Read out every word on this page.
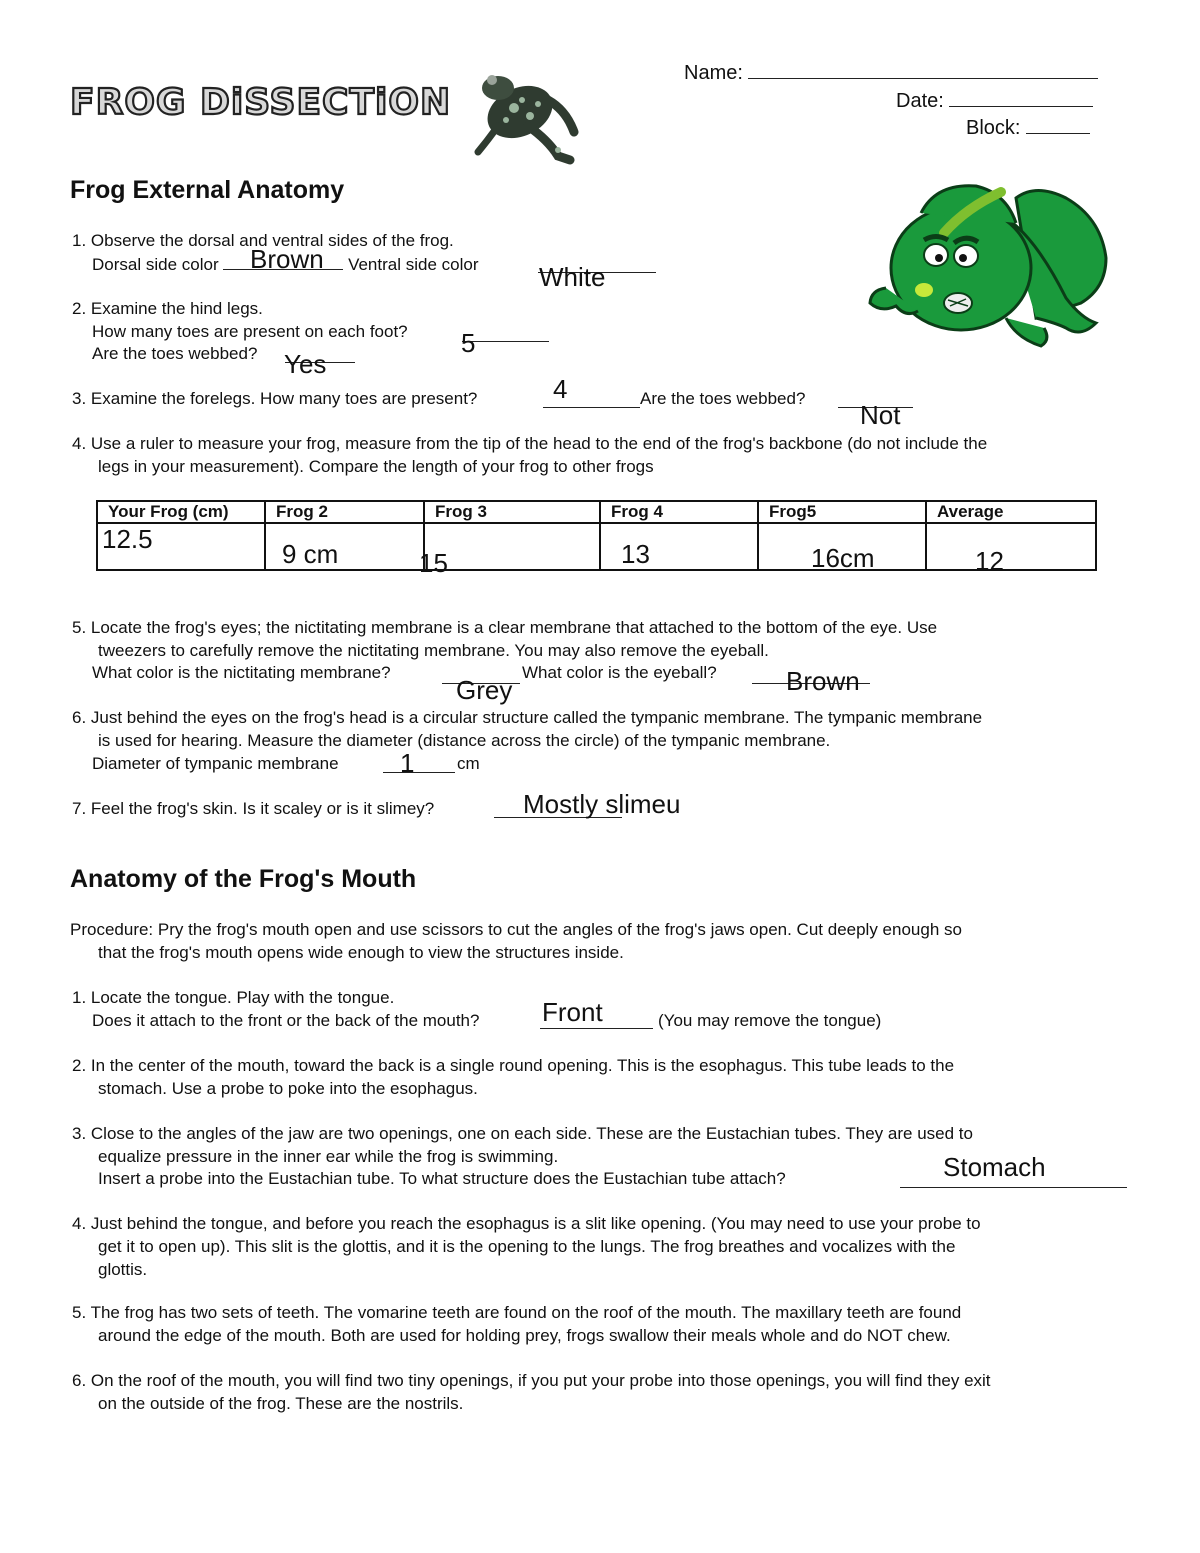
FROG DiSSECTiON
Name:
Date:
Block:
Frog External Anatomy
1. Observe the dorsal and ventral sides of the frog.
Dorsal side color	Ventral side color
Brown
White
2. Examine the hind legs.
How many toes are present on each foot? 5
Are the toes webbed? Yes
3. Examine the forelegs. How many toes are present?	4	Are the toes webbed?
Not
4. Use a ruler to measure your frog, measure from the tip of the head to the end of the frog's backbone (do not include the
legs in your measurement). Compare the length of your frog to other frogs
Your Frog (cm)	Frog 2	Frog 3	Frog 4	Frog5	Average

12.5	9 cm	15	13	16cm	12
5. Locate the frog's eyes; the nictitating membrane is a clear membrane that attached to the bottom of the eye. Use
tweezers to carefully remove the nictitating membrane. You may also remove the eyeball.
What color is the nictitating membrane?
Grey
What color is the eyeball?	Brown
6. Just behind the eyes on the frog's head is a circular structure called the tympanic membrane. The tympanic membrane
is used for hearing. Measure the diameter (distance across the circle) of the tympanic membrane.
Diameter of tympanic membrane 1	cm
7. Feel the frog's skin. Is it scaley or is it slimey?	Mostly slimeu
Anatomy of the Frog's Mouth
Procedure: Pry the frog's mouth open and use scissors to cut the angles of the frog's jaws open. Cut deeply enough so
that the frog's mouth opens wide enough to view the structures inside.
1. Locate the tongue. Play with the tongue.
Does it attach to the front or the back of the mouth? Front	(You may remove the tongue)
2. In the center of the mouth, toward the back is a single round opening. This is the esophagus. This tube leads to the
stomach. Use a probe to poke into the esophagus.
3. Close to the angles of the jaw are two openings, one on each side. These are the Eustachian tubes. They are used to
equalize pressure in the inner ear while the frog is swimming.
Insert a probe into the Eustachian tube. To what structure does the Eustachian tube attach?	Stomach
4. Just behind the tongue, and before you reach the esophagus is a slit like opening. (You may need to use your probe to
get it to open up). This slit is the glottis, and it is the opening to the lungs. The frog breathes and vocalizes with the
glottis.
5. The frog has two sets of teeth. The vomarine teeth are found on the roof of the mouth. The maxillary teeth are found
around the edge of the mouth. Both are used for holding prey, frogs swallow their meals whole and do NOT chew.
6. On the roof of the mouth, you will find two tiny openings, if you put your probe into those openings, you will find they exit
on the outside of the frog. These are the nostrils.
